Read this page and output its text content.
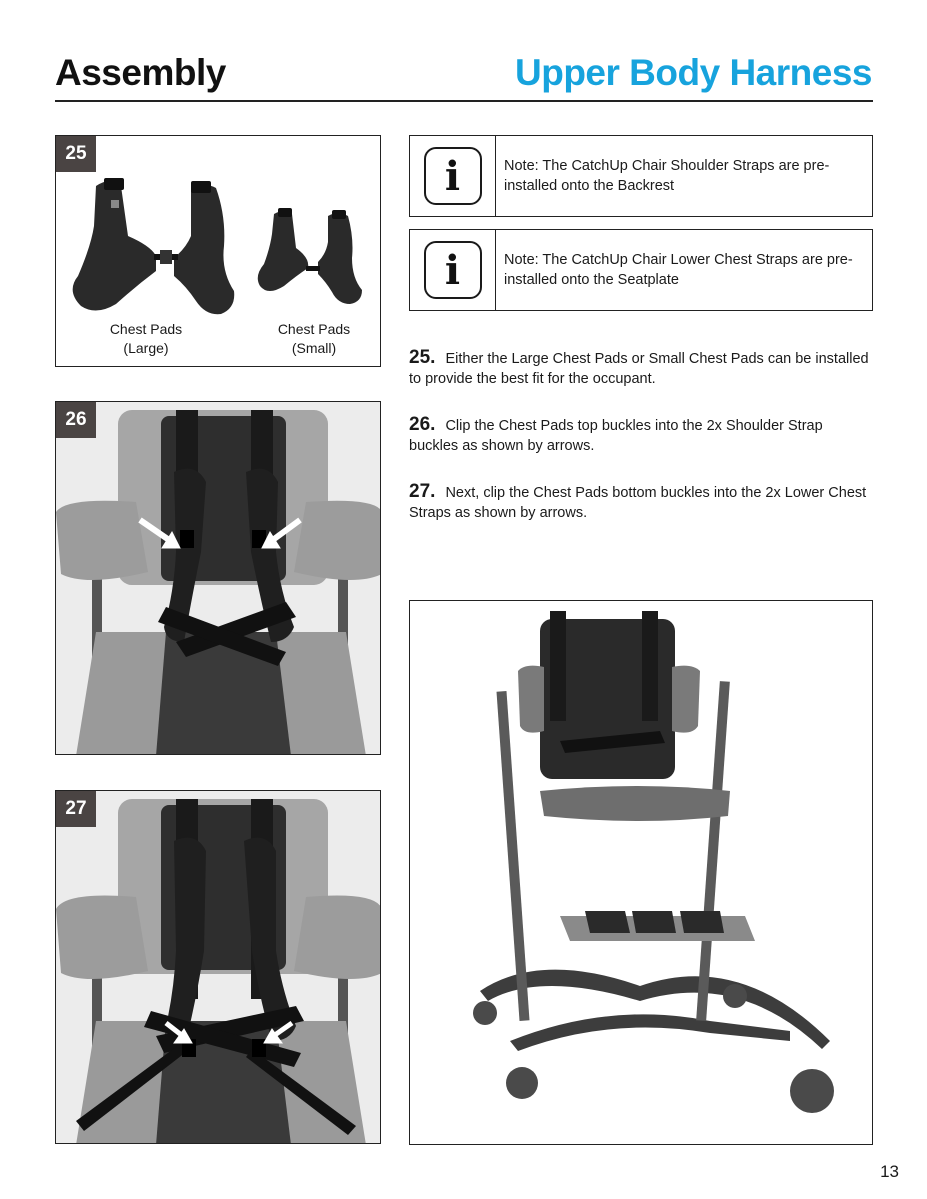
Assembly	Upper Body Harness
25
Chest Pads
(Large)
Chest Pads
(Small)
26
27
i	Note: The CatchUp Chair Shoulder Straps are pre-installed onto the Backrest
i	Note: The CatchUp Chair Lower Chest Straps are pre-installed onto the Seatplate
25. Either the Large Chest Pads or Small Chest Pads can be installed to provide the best fit for the occupant.
26. Clip the Chest Pads top buckles into the 2x Shoulder Strap buckles as shown by arrows.
27. Next, clip the Chest Pads bottom buckles into the 2x Lower Chest Straps as shown by arrows.
13
